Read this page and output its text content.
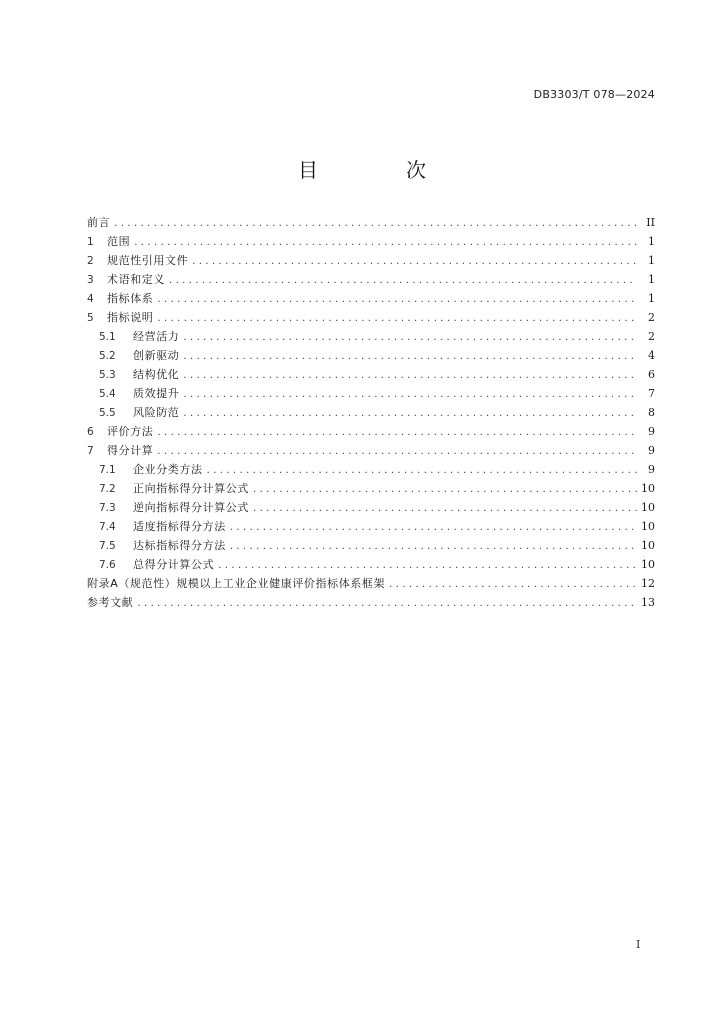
DB3303/T 078—2024
目　次
前言 .....	II
1	范围 .....	1
2	规范性引用文件 .....	1
3	术语和定义 .....	1
4	指标体系 .....	1
5	指标说明 .....	2
5.1	经营活力 .....	2
5.2	创新驱动 .....	4
5.3	结构优化 .....	6
5.4	质效提升 .....	7
5.5	风险防范 .....	8
6	评价方法 .....	9
7	得分计算 .....	9
7.1	企业分类方法 .....	9
7.2	正向指标得分计算公式 .....	10
7.3	逆向指标得分计算公式 .....	10
7.4	适度指标得分方法 .....	10
7.5	达标指标得分方法 .....	10
7.6	总得分计算公式 .....	10
附录A（规范性）规模以上工业企业健康评价指标体系框架 .....	12
参考文献 .....	13
I
